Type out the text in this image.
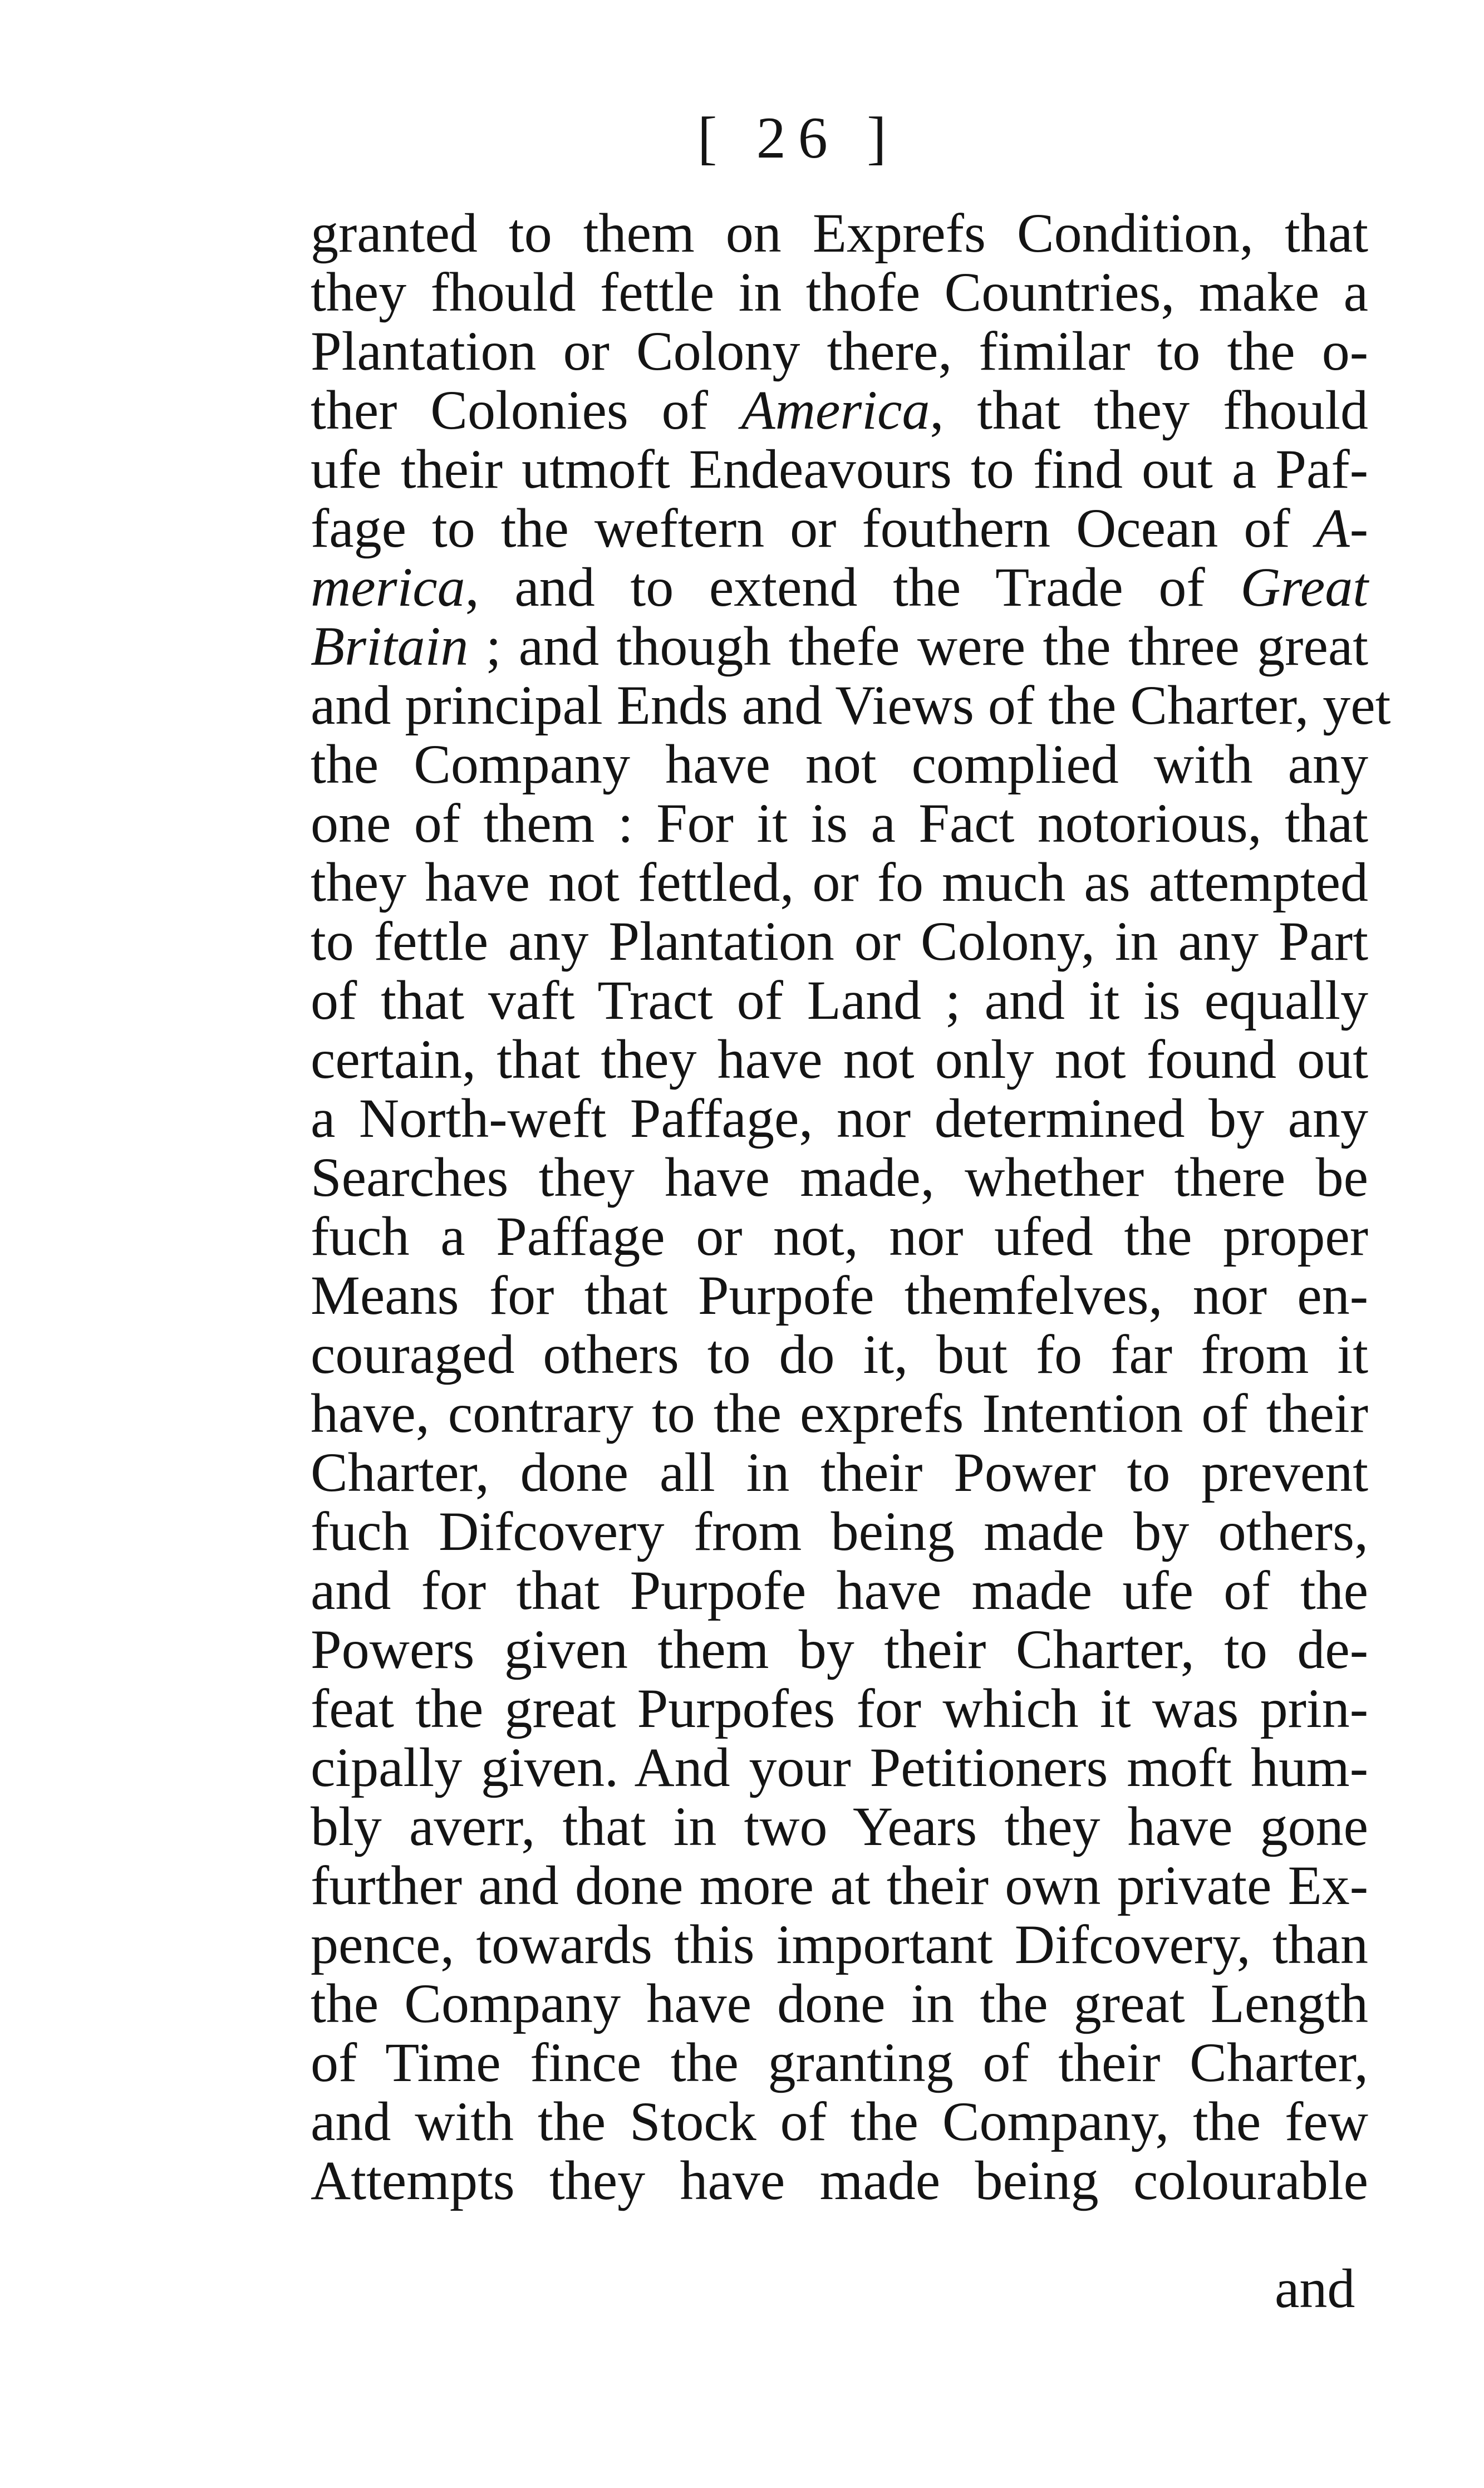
[ 26 ]
granted to them on Exprefs Condition, that
they fhould fettle in thofe Countries, make a
Plantation or Colony there, fimilar to the o-
ther Colonies of America, that they fhould
ufe their utmoft Endeavours to find out a Paf-
fage to the weftern or fouthern Ocean of A-
merica, and to extend the Trade of Great
Britain ; and though thefe were the three great
and principal Ends and Views of the Charter, yet
the Company have not complied with any
one of them : For it is a Fact notorious, that
they have not fettled, or fo much as attempted
to fettle any Plantation or Colony, in any Part
of that vaft Tract of Land ; and it is equally
certain, that they have not only not found out
a North-weft Paffage, nor determined by any
Searches they have made, whether there be
fuch a Paffage or not, nor ufed the proper
Means for that Purpofe themfelves, nor en-
couraged others to do it, but fo far from it
have, contrary to the exprefs Intention of their
Charter, done all in their Power to prevent
fuch Difcovery from being made by others,
and for that Purpofe have made ufe of the
Powers given them by their Charter, to de-
feat the great Purpofes for which it was prin-
cipally given. And your Petitioners moft hum-
bly averr, that in two Years they have gone
further and done more at their own private Ex-
pence, towards this important Difcovery, than
the Company have done in the great Length
of Time fince the granting of their Charter,
and with the Stock of the Company, the few
Attempts they have made being colourable
and
